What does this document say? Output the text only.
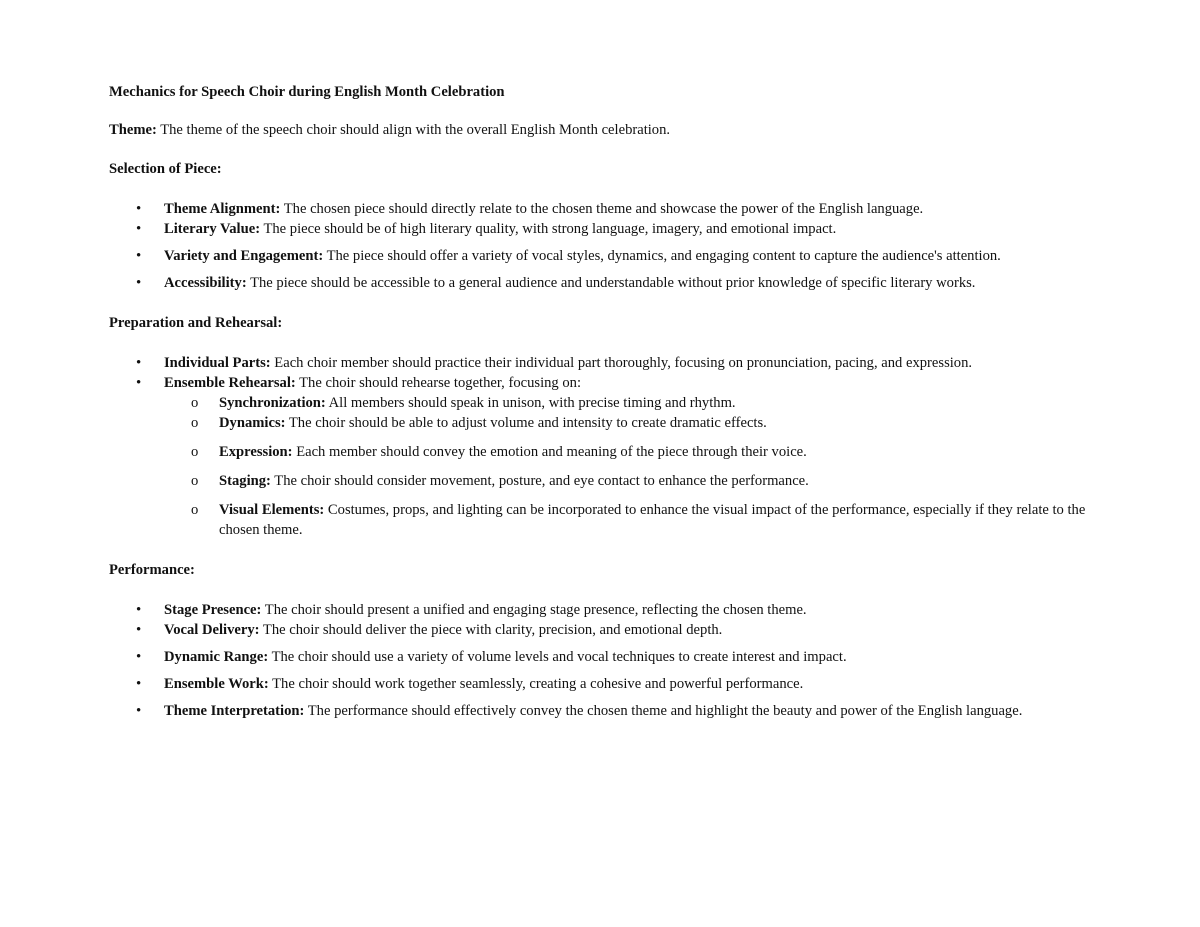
Mechanics for Speech Choir during English Month Celebration
Theme: The theme of the speech choir should align with the overall English Month celebration.
Selection of Piece:
• Theme Alignment: The chosen piece should directly relate to the chosen theme and showcase the power of the English language.
• Literary Value: The piece should be of high literary quality, with strong language, imagery, and emotional impact.
• Variety and Engagement: The piece should offer a variety of vocal styles, dynamics, and engaging content to capture the audience's attention.
• Accessibility: The piece should be accessible to a general audience and understandable without prior knowledge of specific literary works.
Preparation and Rehearsal:
• Individual Parts: Each choir member should practice their individual part thoroughly, focusing on pronunciation, pacing, and expression.
• Ensemble Rehearsal: The choir should rehearse together, focusing on:
o Synchronization: All members should speak in unison, with precise timing and rhythm.
o Dynamics: The choir should be able to adjust volume and intensity to create dramatic effects.
o Expression: Each member should convey the emotion and meaning of the piece through their voice.
o Staging: The choir should consider movement, posture, and eye contact to enhance the performance.
o Visual Elements: Costumes, props, and lighting can be incorporated to enhance the visual impact of the performance, especially if they relate to the chosen theme.
Performance:
• Stage Presence: The choir should present a unified and engaging stage presence, reflecting the chosen theme.
• Vocal Delivery: The choir should deliver the piece with clarity, precision, and emotional depth.
• Dynamic Range: The choir should use a variety of volume levels and vocal techniques to create interest and impact.
• Ensemble Work: The choir should work together seamlessly, creating a cohesive and powerful performance.
• Theme Interpretation: The performance should effectively convey the chosen theme and highlight the beauty and power of the English language.
